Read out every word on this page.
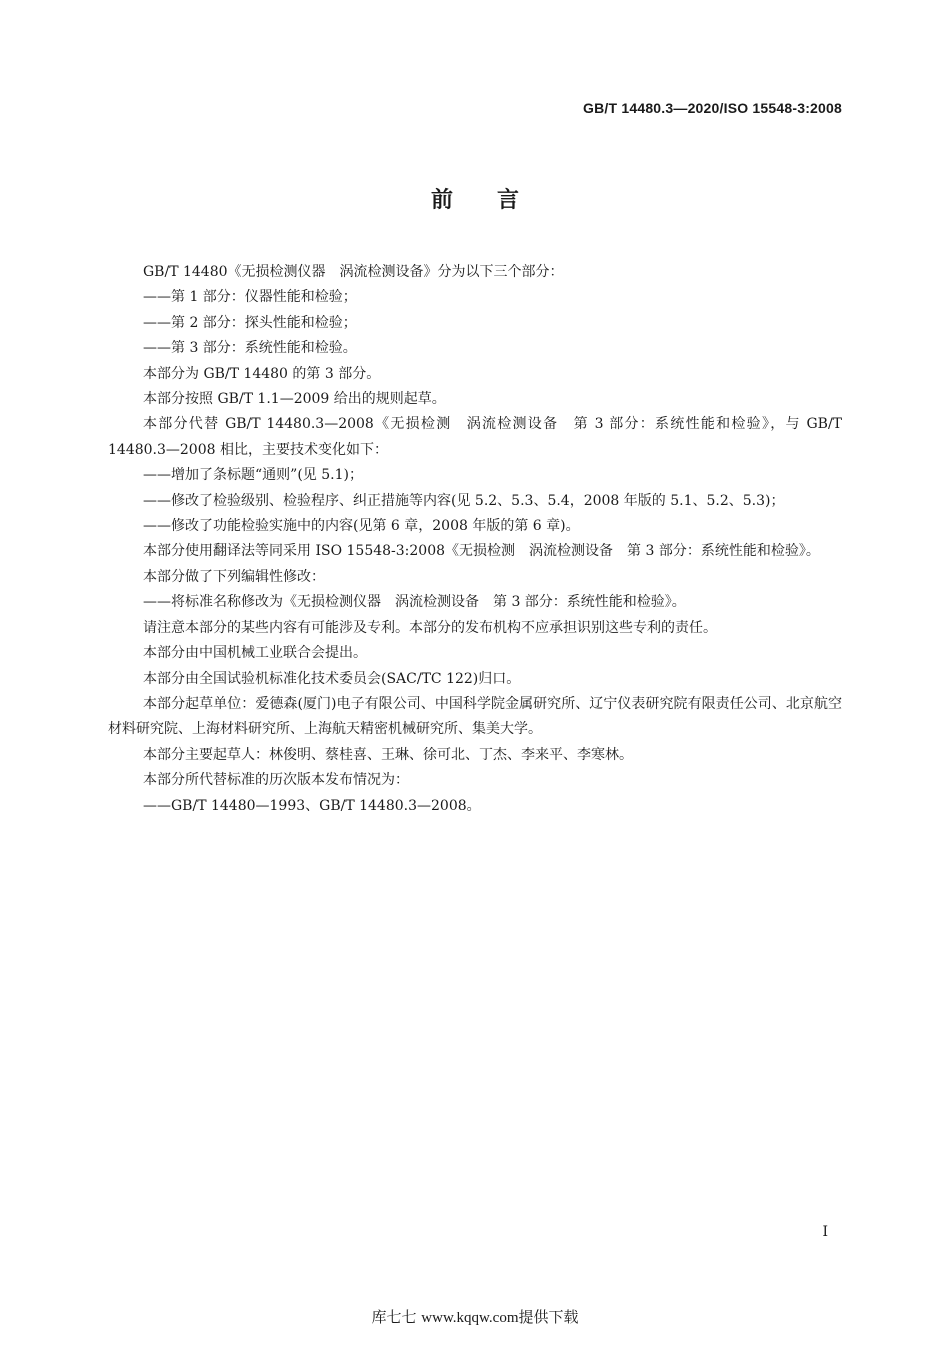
GB/T 14480.3—2020/ISO 15548-3:2008
前言

GB/T 14480《无损检测仪器　涡流检测设备》分为以下三个部分：

——第 1 部分：仪器性能和检验；

——第 2 部分：探头性能和检验；

——第 3 部分：系统性能和检验。

本部分为 GB/T 14480 的第 3 部分。

本部分按照 GB/T 1.1—2009 给出的规则起草。

本部分代替 GB/T 14480.3—2008《无损检测　涡流检测设备　第 3 部分：系统性能和检验》，与 GB/T 14480.3—2008 相比，主要技术变化如下：

——增加了条标题“通则”(见 5.1)；

——修改了检验级别、检验程序、纠正措施等内容(见 5.2、5.3、5.4，2008 年版的 5.1、5.2、5.3)；

——修改了功能检验实施中的内容(见第 6 章，2008 年版的第 6 章)。

本部分使用翻译法等同采用 ISO 15548-3:2008《无损检测　涡流检测设备　第 3 部分：系统性能和检验》。

本部分做了下列编辑性修改：

——将标准名称修改为《无损检测仪器　涡流检测设备　第 3 部分：系统性能和检验》。

请注意本部分的某些内容有可能涉及专利。本部分的发布机构不应承担识别这些专利的责任。

本部分由中国机械工业联合会提出。

本部分由全国试验机标准化技术委员会(SAC/TC 122)归口。

本部分起草单位：爱德森(厦门)电子有限公司、中国科学院金属研究所、辽宁仪表研究院有限责任公司、北京航空材料研究院、上海材料研究所、上海航天精密机械研究所、集美大学。

本部分主要起草人：林俊明、蔡桂喜、王琳、徐可北、丁杰、李来平、李寒林。

本部分所代替标准的历次版本发布情况为：

——GB/T 14480—1993、GB/T 14480.3—2008。

I
库七七 www.kqqw.com提供下载
